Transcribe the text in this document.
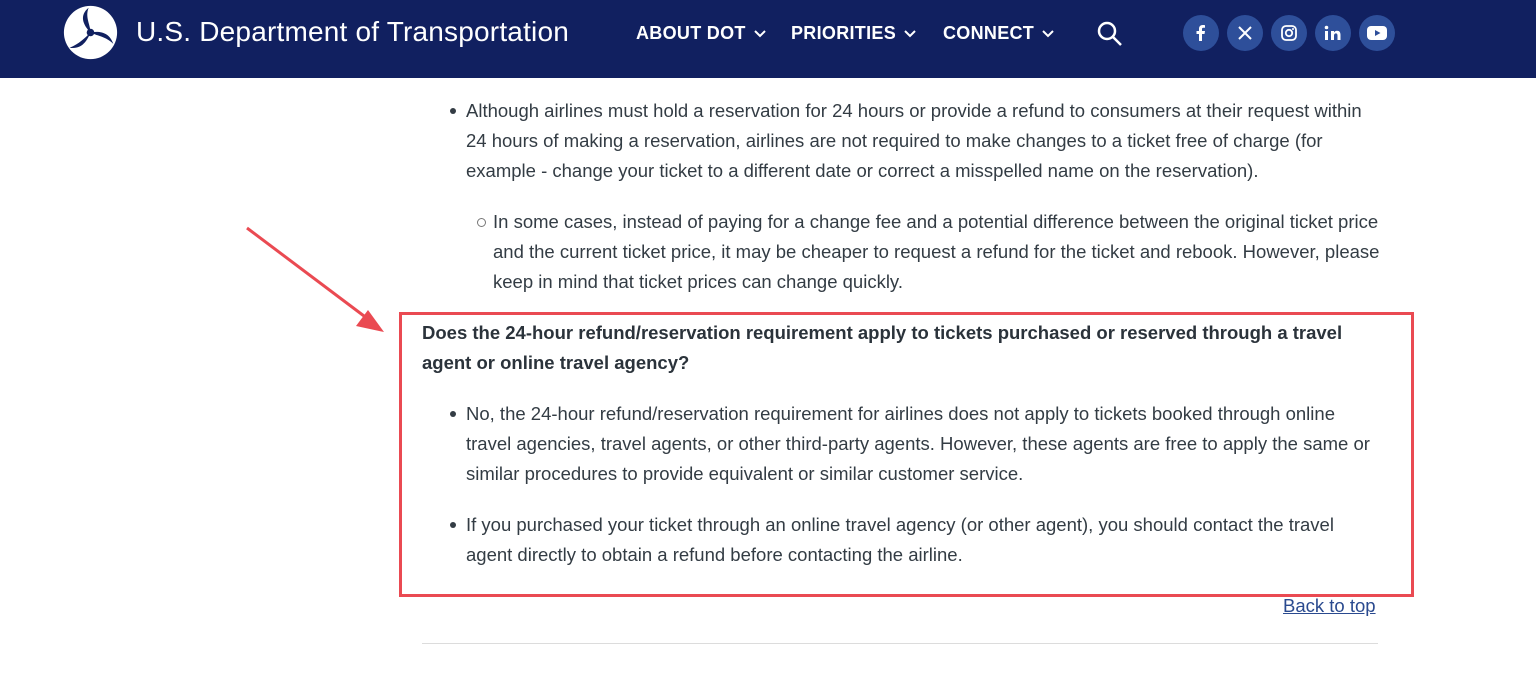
U.S. Department of Transportation	ABOUT DOT	PRIORITIES	CONNECT
Although airlines must hold a reservation for 24 hours or provide a refund to consumers at their request within 24 hours of making a reservation, airlines are not required to make changes to a ticket free of charge (for example - change your ticket to a different date or correct a misspelled name on the reservation).
In some cases, instead of paying for a change fee and a potential difference between the original ticket price and the current ticket price, it may be cheaper to request a refund for the ticket and rebook. However, please keep in mind that ticket prices can change quickly.
Does the 24-hour refund/reservation requirement apply to tickets purchased or reserved through a travel agent or online travel agency?
No, the 24-hour refund/reservation requirement for airlines does not apply to tickets booked through online travel agencies, travel agents, or other third-party agents. However, these agents are free to apply the same or similar procedures to provide equivalent or similar customer service.
If you purchased your ticket through an online travel agency (or other agent), you should contact the travel agent directly to obtain a refund before contacting the airline.
Back to top
